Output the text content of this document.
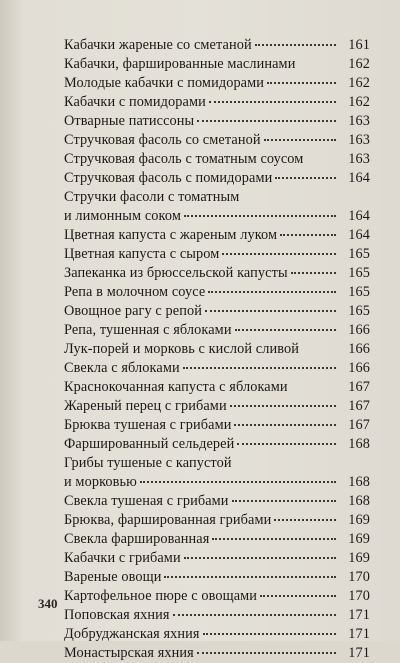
Кабачки жареные со сметаной	161
Кабачки, фаршированные маслинами	162
Молодые кабачки с помидорами	162
Кабачки с помидорами	162
Отварные патиссоны	163
Стручковая фасоль со сметаной	163
Стручковая фасоль с томатным соусом	163
Стручковая фасоль с помидорами	164
Стручки фасоли с томатным
и лимонным соком	164
Цветная капуста с жареным луком	164
Цветная капуста с сыром	165
Запеканка из брюссельской капусты	165
Репа в молочном соусе	165
Овощное рагу с репой	165
Репа, тушенная с яблоками	166
Лук-порей и морковь с кислой сливой	166
Свекла с яблоками	166
Краснокочанная капуста с яблоками	167
Жареный перец с грибами	167
Брюква тушеная с грибами	167
Фаршированный сельдерей	168
Грибы тушеные с капустой
и морковью	168
Свекла тушеная с грибами	168
Брюква, фаршированная грибами	169
Свекла фаршированная	169
Кабачки с грибами	169
Вареные овощи	170
Картофельное пюре с овощами	170
Поповская яхния	171
Добруджанская яхния	171
Монастырская яхния	171
340
